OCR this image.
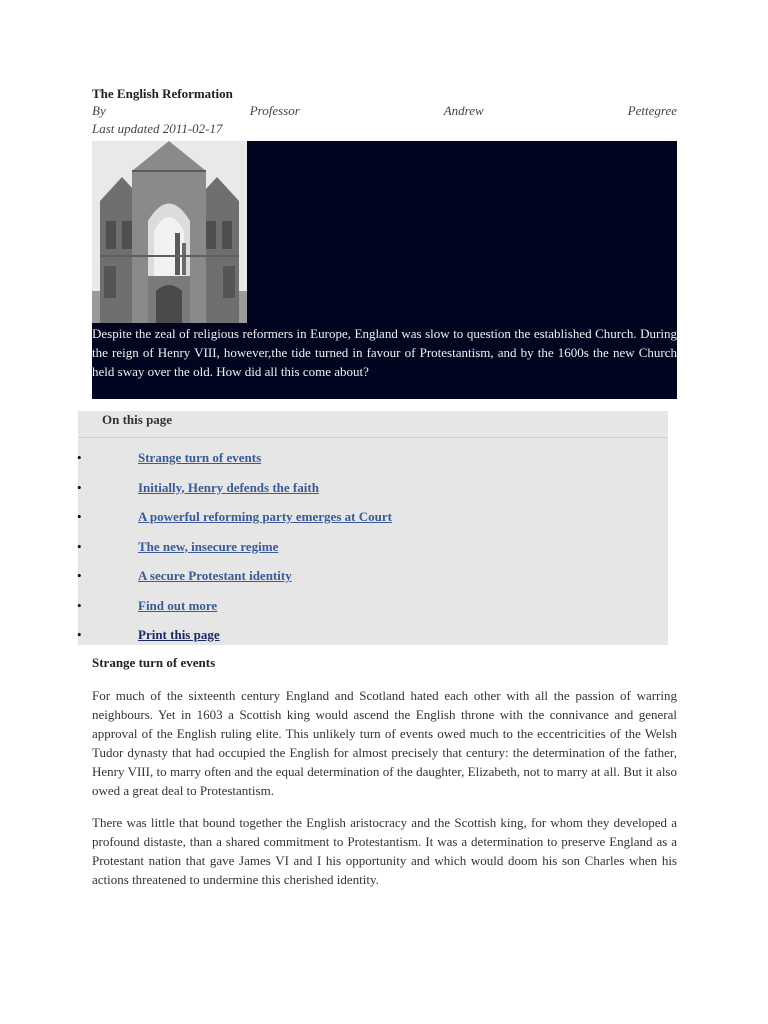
The English Reformation

By	Professor	Andrew	Pettegree
Last updated 2011-02-17

Despite the zeal of religious reformers in Europe, England was slow to question the established Church. During the reign of Henry VIII, however,the tide turned in favour of Protestantism, and by the 1600s the new Church held sway over the old. How did all this come about?

On this page
•	Strange turn of events
•	Initially, Henry defends the faith
•	A powerful reforming party emerges at Court
•	The new, insecure regime
•	A secure Protestant identity
•	Find out more
•	Print this page

Strange turn of events

For much of the sixteenth century England and Scotland hated each other with all the passion of warring neighbours. Yet in 1603 a Scottish king would ascend the English throne with the connivance and general approval of the English ruling elite. This unlikely turn of events owed much to the eccentricities of the Welsh Tudor dynasty that had occupied the English for almost precisely that century: the determination of the father, Henry VIII, to marry often and the equal determination of the daughter, Elizabeth, not to marry at all. But it also owed a great deal to Protestantism.

There was little that bound together the English aristocracy and the Scottish king, for whom they developed a profound distaste, than a shared commitment to Protestantism. It was a determination to preserve England as a Protestant nation that gave James VI and I his opportunity and which would doom his son Charles when his actions threatened to undermine this cherished identity.
